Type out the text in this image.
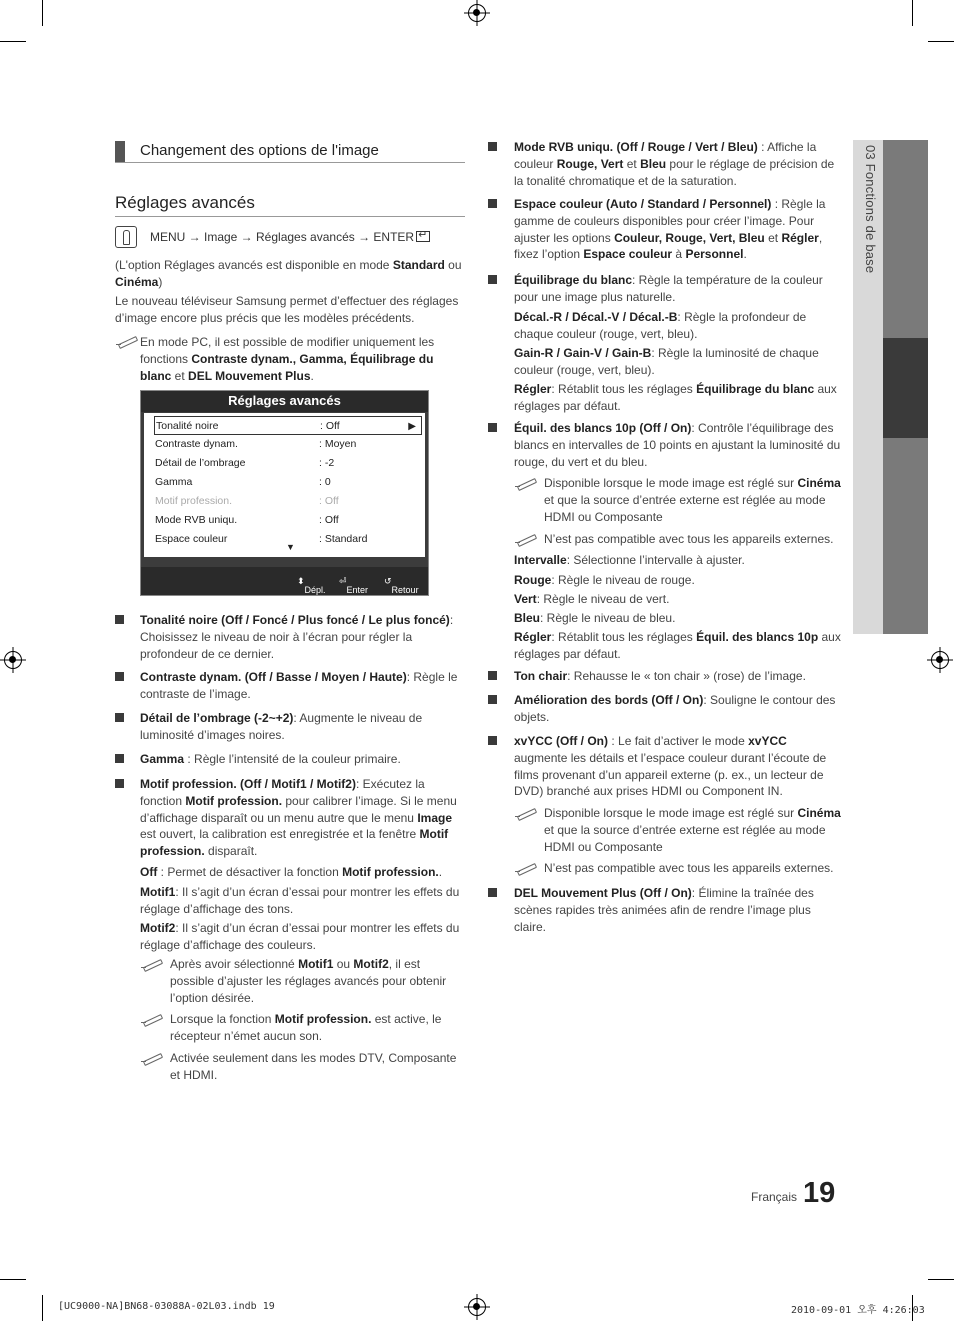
03 Fonctions de base
Changement des options de l'image
Réglages avancés
MENU → Image → Réglages avancés → ENTER↵

(L'option Réglages avancés est disponible en mode Standard ou Cinéma)

Le nouveau téléviseur Samsung permet d’effectuer des réglages d’image encore plus précis que les modèles précédents.

En mode PC, il est possible de modifier uniquement les fonctions Contraste dynam., Gamma, Équilibrage du blanc et DEL Mouvement Plus.

Réglages avancés
Tonalité noire	: Off	▶
Contraste dynam.	: Moyen
Détail de l’ombrage	: -2
Gamma	: 0
Motif profession.	: Off
Mode RVB uniqu.	: Off
Espace couleur	: Standard
▼
⬍
Dépl.
⏎
Enter
↺
Retour

Tonalité noire (Off / Foncé / Plus foncé / Le plus foncé): Choisissez le niveau de noir à l’écran pour régler la profondeur de ce dernier.

Contraste dynam. (Off / Basse / Moyen / Haute): Règle le contraste de l’image.

Détail de l’ombrage (-2~+2): Augmente le niveau de luminosité d’images noires.

Gamma : Règle l’intensité de la couleur primaire.

Motif profession. (Off / Motif1 / Motif2): Exécutez la fonction Motif profession. pour calibrer l’image. Si le menu d’affichage disparaît ou un menu autre que le menu Image est ouvert, la calibration est enregistrée et la fenêtre Motif profession. disparaît.

Off : Permet de désactiver la fonction Motif profession..

Motif1: Il s’agit d’un écran d’essai pour montrer les effets du réglage d’affichage des tons.

Motif2: Il s’agit d’un écran d’essai pour montrer les effets du réglage d’affichage des couleurs.

Après avoir sélectionné Motif1 ou Motif2, il est possible d’ajuster les réglages avancés pour obtenir l’option désirée.

Lorsque la fonction Motif profession. est active, le récepteur n’émet aucun son.

Activée seulement dans les modes DTV, Composante et HDMI.

Mode RVB uniqu. (Off / Rouge / Vert / Bleu) : Affiche la couleur Rouge, Vert et Bleu pour le réglage de précision de la tonalité chromatique et de la saturation.

Espace couleur (Auto / Standard / Personnel) : Règle la gamme de couleurs disponibles pour créer l’image. Pour ajuster les options Couleur, Rouge, Vert, Bleu et Régler, fixez l’option Espace couleur à Personnel.

Équilibrage du blanc: Règle la température de la couleur pour une image plus naturelle.

Décal.-R / Décal.-V / Décal.-B: Règle la profondeur de chaque couleur (rouge, vert, bleu).

Gain-R / Gain-V / Gain-B: Règle la luminosité de chaque couleur (rouge, vert, bleu).

Régler: Rétablit tous les réglages Équilibrage du blanc aux réglages par défaut.

Équil. des blancs 10p (Off / On): Contrôle l’équilibrage des blancs en intervalles de 10 points en ajustant la luminosité du rouge, du vert et du bleu.

Disponible lorsque le mode image est réglé sur Cinéma et que la source d’entrée externe est réglée au mode HDMI ou Composante

N’est pas compatible avec tous les appareils externes.

Intervalle: Sélectionne l’intervalle à ajuster.

Rouge: Règle le niveau de rouge.

Vert: Règle le niveau de vert.

Bleu: Règle le niveau de bleu.

Régler: Rétablit tous les réglages Équil. des blancs 10p aux réglages par défaut.

Ton chair: Rehausse le « ton chair » (rose) de l’image.

Amélioration des bords (Off / On): Souligne le contour des objets.

xvYCC (Off / On) : Le fait d’activer le mode xvYCC augmente les détails et l’espace couleur durant l’écoute de films provenant d’un appareil externe (p. ex., un lecteur de DVD) branché aux prises HDMI ou Component IN.

Disponible lorsque le mode image est réglé sur Cinéma et que la source d’entrée externe est réglée au mode HDMI ou Composante

N’est pas compatible avec tous les appareils externes.

DEL Mouvement Plus (Off / On): Élimine la traînée des scènes rapides très animées afin de rendre l’image plus claire.

Français 19
[UC9000-NA]BN68-03088A-02L03.indb 19	2010-09-01 오후 4:26:03
